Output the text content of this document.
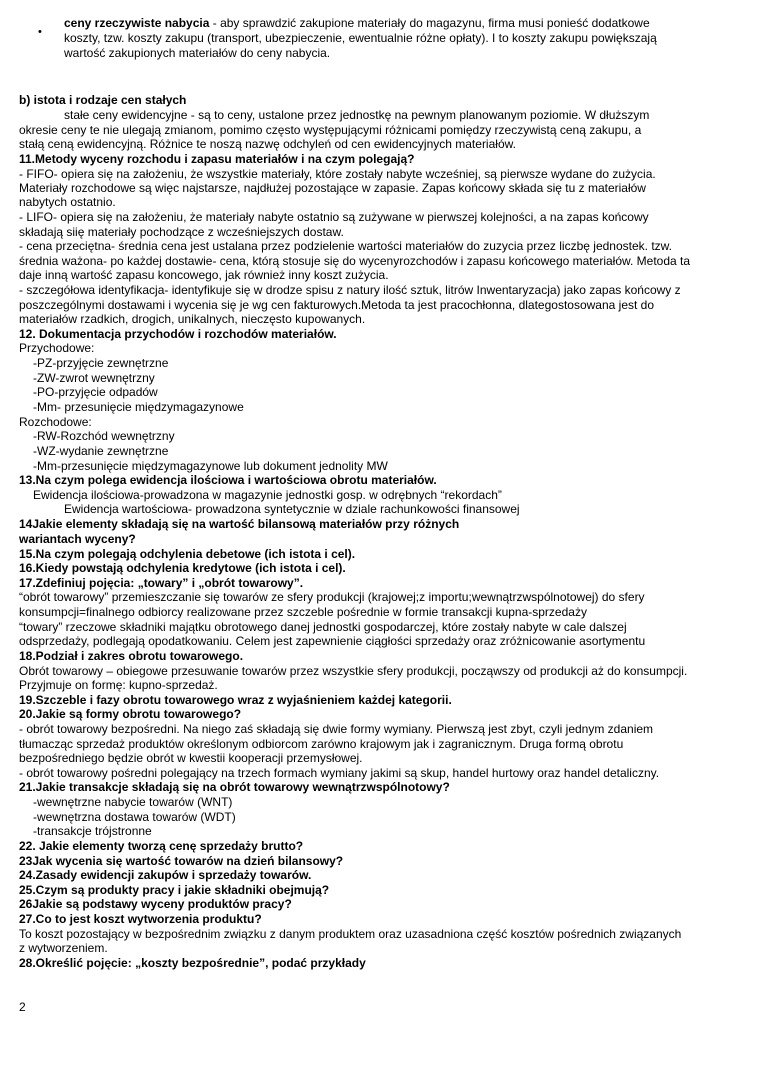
•
ceny rzeczywiste nabycia - aby sprawdzić zakupione materiały do magazynu, firma musi ponieść dodatkowe
koszty, tzw. koszty zakupu (transport, ubezpieczenie, ewentualnie różne opłaty). I to koszty zakupu powiększają
wartość zakupionych materiałów do ceny nabycia.
b) istota i rodzaje cen stałych
stałe ceny ewidencyjne - są to ceny, ustalone przez jednostkę na pewnym planowanym poziomie. W dłuższym
okresie ceny te nie ulegają zmianom, pomimo często występującymi różnicami pomiędzy rzeczywistą ceną zakupu, a
stałą ceną ewidencyjną. Różnice te noszą nazwę odchyleń od cen ewidencyjnych materiałów.
11.Metody wyceny rozchodu i zapasu materiałów i na czym polegają?
- FIFO- opiera się na założeniu, że wszystkie materiały, które zostały nabyte wcześniej, są pierwsze wydane do zużycia.
Materiały rozchodowe są więc najstarsze, najdłużej pozostające w zapasie. Zapas końcowy składa się tu z materiałów
nabytych ostatnio.
- LIFO- opiera się na założeniu, że materiały nabyte ostatnio są zużywane w pierwszej kolejności, a na zapas końcowy
składają siię materiały pochodzące z wcześniejszych dostaw.
- cena przeciętna- średnia cena jest ustalana przez podzielenie wartości materiałów do zuzycia przez liczbę jednostek. tzw.
średnia ważona- po każdej dostawie- cena, którą stosuje się do wycenyrozchodów i zapasu końcowego materiałów. Metoda ta
daje inną wartość zapasu koncowego, jak również inny koszt zużycia.
- szczegółowa identyfikacja- identyfikuje się w drodze spisu z natury ilość sztuk, litrów Inwentaryzacja) jako zapas końcowy z
poszczególnymi dostawami i wycenia się je wg cen fakturowych.Metoda ta jest pracochłonna, dlategostosowana jest do
materiałów rzadkich, drogich, unikalnych, nieczęsto kupowanych.
12. Dokumentacja przychodów i rozchodów materiałów.
Przychodowe:
-PZ-przyjęcie zewnętrzne
-ZW-zwrot wewnętrzny
-PO-przyjęcie odpadów
-Mm- przesunięcie międzymagazynowe
Rozchodowe:
-RW-Rozchód wewnętrzny
-WZ-wydanie zewnętrzne
-Mm-przesunięcie międzymagazynowe lub dokument jednolity MW
13.Na czym polega ewidencja ilościowa i wartościowa obrotu materiałów.
Ewidencja ilościowa-prowadzona w magazynie jednostki gosp. w odrębnych “rekordach”
Ewidencja wartościowa- prowadzona syntetycznie w dziale rachunkowości finansowej
14Jakie elementy składają się na wartość bilansową materiałów przy różnych
wariantach wyceny?
15.Na czym polegają odchylenia debetowe (ich istota i cel).
16.Kiedy powstają odchylenia kredytowe (ich istota i cel).
17.Zdefiniuj pojęcia: „towary” i „obrót towarowy”.
“obrót towarowy” przemieszczanie się towarów ze sfery produkcji (krajowej;z importu;wewnątrzwspólnotowej) do sfery
konsumpcji=finalnego odbiorcy realizowane przez szczeble pośrednie w formie transakcji kupna-sprzedaży
“towary” rzeczowe składniki majątku obrotowego danej jednostki gospodarczej, które zostały nabyte w cale dalszej
odsprzedaży, podlegają opodatkowaniu. Celem jest zapewnienie ciągłości sprzedaży oraz zróżnicowanie asortymentu
18.Podział i zakres obrotu towarowego.
Obrót towarowy – obiegowe przesuwanie towarów przez wszystkie sfery produkcji, począwszy od produkcji aż do konsumpcji.
Przyjmuje on formę: kupno-sprzedaż.
19.Szczeble i fazy obrotu towarowego wraz z wyjaśnieniem każdej kategorii.
20.Jakie są formy obrotu towarowego?
- obrót towarowy bezpośredni. Na niego zaś składają się dwie formy wymiany. Pierwszą jest zbyt, czyli jednym zdaniem
tłumacząc sprzedaż produktów określonym odbiorcom zarówno krajowym jak i zagranicznym. Druga formą obrotu
bezpośredniego będzie obrót w kwestii kooperacji przemysłowej.
- obrót towarowy pośredni polegający na trzech formach wymiany jakimi są skup, handel hurtowy oraz handel detaliczny.
21.Jakie transakcje składają się na obrót towarowy wewnątrzwspólnotowy?
-wewnętrzne nabycie towarów (WNT)
-wewnętrzna dostawa towarów (WDT)
-transakcje trójstronne
22. Jakie elementy tworzą cenę sprzedaży brutto?
23Jak wycenia się wartość towarów na dzień bilansowy?
24.Zasady ewidencji zakupów i sprzedaży towarów.
25.Czym są produkty pracy i jakie składniki obejmują?
26Jakie są podstawy wyceny produktów pracy?
27.Co to jest koszt wytworzenia produktu?
To koszt pozostający w bezpośrednim związku z danym produktem oraz uzasadniona część kosztów pośrednich związanych
z wytworzeniem.
28.Określić pojęcie: „koszty bezpośrednie”, podać przykłady
2
